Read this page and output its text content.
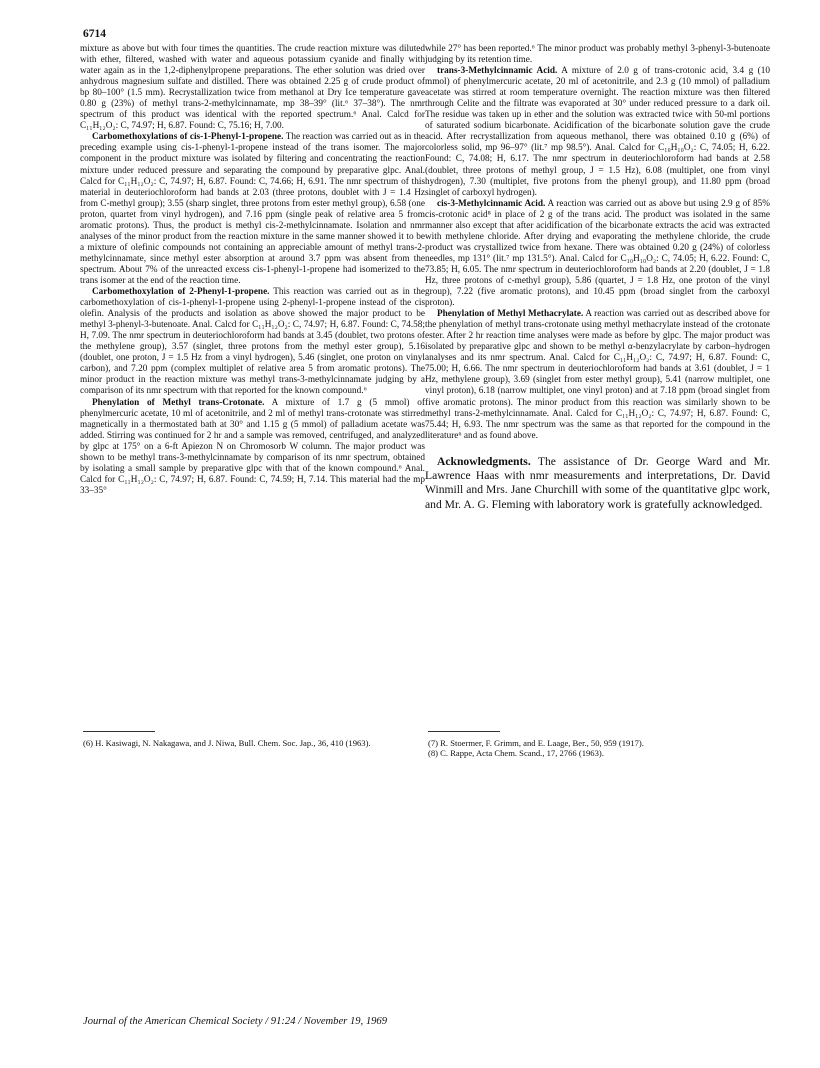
6714

mixture as above but with four times the quantities. The crude reaction mixture was diluted with ether, filtered, washed with water and aqueous potassium cyanide and finally with water again as in the 1,2-diphenylpropene preparations. The ether solution was dried over anhydrous magnesium sulfate and distilled. There was obtained 2.25 g of crude product of bp 80–100° (1.5 mm). Recrystallization twice from methanol at Dry Ice temperature gave 0.80 g (23%) of methyl trans-2-methylcinnamate, mp 38–39° (lit.⁶ 37–38°). The nmr spectrum of this product was identical with the reported spectrum.⁶ Anal. Calcd for C₁₁H₁₂O₂: C, 74.97; H, 6.87. Found: C, 75.16; H, 7.00.

Carbomethoxylations of cis-1-Phenyl-1-propene. The reaction was carried out as in the preceding example using cis-1-phenyl-1-propene instead of the trans isomer. The major component in the product mixture was isolated by filtering and concentrating the reaction mixture under reduced pressure and separating the compound by preparative glpc. Anal. Calcd for C₁₁H₁₂O₂: C, 74.97; H, 6.87. Found: C, 74.66; H, 6.91. The nmr spectrum of this material in deuteriochloroform had bands at 2.03 (three protons, doublet with J = 1.4 Hz from C-methyl group); 3.55 (sharp singlet, three protons from ester methyl group), 6.58 (one proton, quartet from vinyl hydrogen), and 7.16 ppm (single peak of relative area 5 from aromatic protons). Thus, the product is methyl cis-2-methylcinnamate. Isolation and nmr analyses of the minor product from the reaction mixture in the same manner showed it to be a mixture of olefinic compounds not containing an appreciable amount of methyl trans-2-methylcinnamate, since methyl ester absorption at around 3.7 ppm was absent from the spectrum. About 7% of the unreacted excess cis-1-phenyl-1-propene had isomerized to the trans isomer at the end of the reaction time.

Carbomethoxylation of 2-Phenyl-1-propene. This reaction was carried out as in the carbomethoxylation of cis-1-phenyl-1-propene using 2-phenyl-1-propene instead of the cis olefin. Analysis of the products and isolation as above showed the major product to be methyl 3-phenyl-3-butenoate. Anal. Calcd for C₁₁H₁₂O₂: C, 74.97; H, 6.87. Found: C, 74.58; H, 7.09. The nmr spectrum in deuteriochloroform had bands at 3.45 (doublet, two protons of the methylene group), 3.57 (singlet, three protons from the methyl ester group), 5.16 (doublet, one proton, J = 1.5 Hz from a vinyl hydrogen), 5.46 (singlet, one proton on vinyl carbon), and 7.20 ppm (complex multiplet of relative area 5 from aromatic protons). The minor product in the reaction mixture was methyl trans-3-methylcinnamate judging by a comparison of its nmr spectrum with that reported for the known compound.⁶

Phenylation of Methyl trans-Crotonate. A mixture of 1.7 g (5 mmol) of phenylmercuric acetate, 10 ml of acetonitrile, and 2 ml of methyl trans-crotonate was stirred magnetically in a thermostated bath at 30° and 1.15 g (5 mmol) of palladium acetate was added. Stirring was continued for 2 hr and a sample was removed, centrifuged, and analyzed by glpc at 175° on a 6-ft Apiezon N on Chromosorb W column. The major product was shown to be methyl trans-3-methylcinnamate by comparison of its nmr spectrum, obtained by isolating a small sample by preparative glpc with that of the known compound.⁶ Anal. Calcd for C₁₁H₁₂O₂: C, 74.97; H, 6.87. Found: C, 74.59; H, 7.14. This material had the mp 33–35°

while 27° has been reported.⁶ The minor product was probably methyl 3-phenyl-3-butenoate judging by its retention time.

trans-3-Methylcinnamic Acid. A mixture of 2.0 g of trans-crotonic acid, 3.4 g (10 mmol) of phenylmercuric acetate, 20 ml of acetonitrile, and 2.3 g (10 mmol) of palladium acetate was stirred at room temperature overnight. The reaction mixture was then filtered through Celite and the filtrate was evaporated at 30° under reduced pressure to a dark oil. The residue was taken up in ether and the solution was extracted twice with 50-ml portions of saturated sodium bicarbonate. Acidification of the bicarbonate solution gave the crude acid. After recrystallization from aqueous methanol, there was obtained 0.10 g (6%) of colorless solid, mp 96–97° (lit.⁷ mp 98.5°). Anal. Calcd for C₁₀H₁₀O₂: C, 74.05; H, 6.22. Found: C, 74.08; H, 6.17. The nmr spectrum in deuteriochloroform had bands at 2.58 (doublet, three protons of methyl group, J = 1.5 Hz), 6.08 (multiplet, one from vinyl hydrogen), 7.30 (multiplet, five protons from the phenyl group), and 11.80 ppm (broad singlet of carboxyl hydrogen).

cis-3-Methylcinnamic Acid. A reaction was carried out as above but using 2.9 g of 85% cis-crotonic acid⁸ in place of 2 g of the trans acid. The product was isolated in the same manner also except that after acidification of the bicarbonate extracts the acid was extracted with methylene chloride. After drying and evaporating the methylene chloride, the crude product was crystallized twice from hexane. There was obtained 0.20 g (24%) of colorless needles, mp 131° (lit.⁷ mp 131.5°). Anal. Calcd for C₁₀H₁₀O₂: C, 74.05; H, 6.22. Found: C, 73.85; H, 6.05. The nmr spectrum in deuteriochloroform had bands at 2.20 (doublet, J = 1.8 Hz, three protons of c-methyl group), 5.86 (quartet, J = 1.8 Hz, one proton of the vinyl group), 7.22 (five aromatic protons), and 10.45 ppm (broad singlet from the carboxyl proton).

Phenylation of Methyl Methacrylate. A reaction was carried out as described above for the phenylation of methyl trans-crotonate using methyl methacrylate instead of the crotonate ester. After 2 hr reaction time analyses were made as before by glpc. The major product was isolated by preparative glpc and shown to be methyl α-benzylacrylate by carbon–hydrogen analyses and its nmr spectrum. Anal. Calcd for C₁₁H₁₂O₂: C, 74.97; H, 6.87. Found: C, 75.00; H, 6.66. The nmr spectrum in deuteriochloroform had bands at 3.61 (doublet, J = 1 Hz, methylene group), 3.69 (singlet from ester methyl group), 5.41 (narrow multiplet, one vinyl proton), 6.18 (narrow multiplet, one vinyl proton) and at 7.18 ppm (broad singlet from five aromatic protons). The minor product from this reaction was similarly shown to be methyl trans-2-methylcinnamate. Anal. Calcd for C₁₁H₁₂O₂: C, 74.97; H, 6.87. Found: C, 75.44; H, 6.93. The nmr spectrum was the same as that reported for the compound in the literature⁶ and as found above.

Acknowledgments. The assistance of Dr. George Ward and Mr. Lawrence Haas with nmr measurements and interpretations, Dr. David Winmill and Mrs. Jane Churchill with some of the quantitative glpc work, and Mr. A. G. Fleming with laboratory work is gratefully acknowledged.

(6) H. Kasiwagi, N. Nakagawa, and J. Niwa, Bull. Chem. Soc. Jap., 36, 410 (1963).	(7) R. Stoermer, F. Grimm, and E. Laage, Ber., 50, 959 (1917).

(8) C. Rappe, Acta Chem. Scand., 17, 2766 (1963).

Journal of the American Chemical Society / 91:24 / November 19, 1969
